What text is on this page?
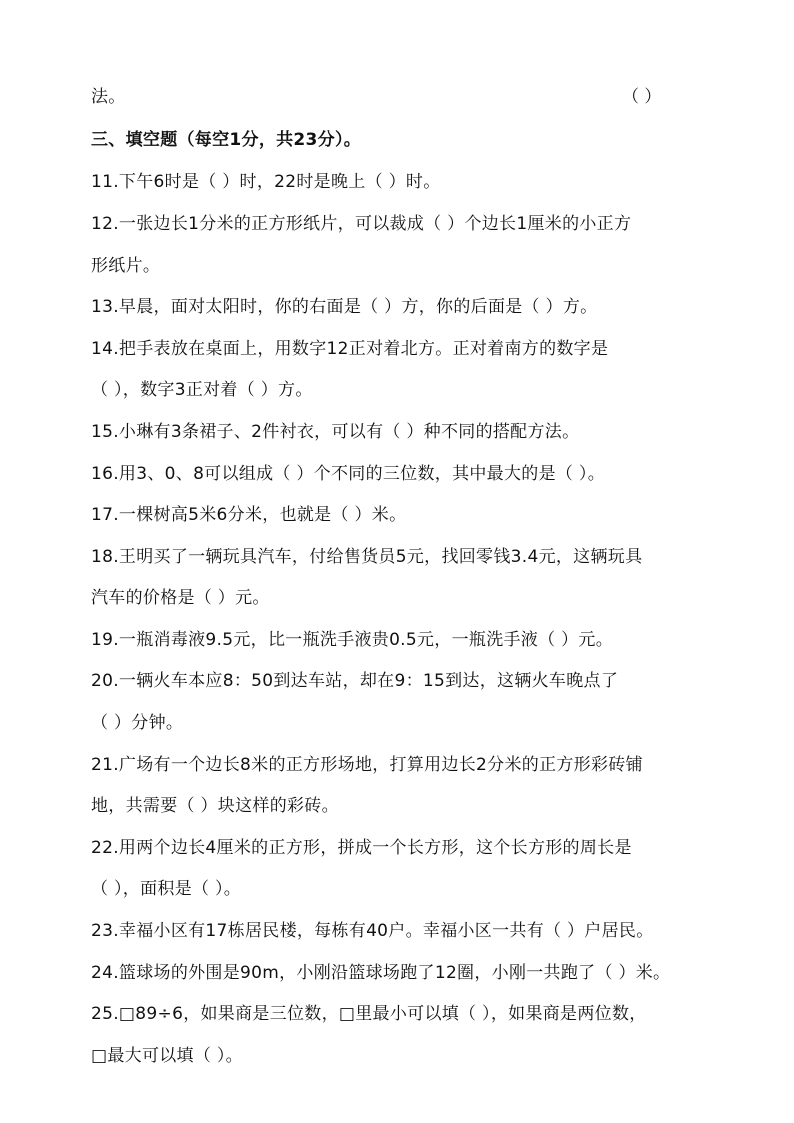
法。	（ ）
三、填空题（每空1分，共23分）。
11.下午6时是（ ）时，22时是晚上（ ）时。
12.一张边长1分米的正方形纸片，可以裁成（ ）个边长1厘米的小正方
形纸片。
13.早晨，面对太阳时，你的右面是（ ）方，你的后面是（ ）方。
14.把手表放在桌面上，用数字12正对着北方。正对着南方的数字是
（ ），数字3正对着（ ）方。
15.小琳有3条裙子、2件衬衣，可以有（ ）种不同的搭配方法。
16.用3、0、8可以组成（ ）个不同的三位数，其中最大的是（ ）。
17.一棵树高5米6分米，也就是（ ）米。
18.王明买了一辆玩具汽车，付给售货员5元，找回零钱3.4元，这辆玩具
汽车的价格是（ ）元。
19.一瓶消毒液9.5元，比一瓶洗手液贵0.5元，一瓶洗手液（ ）元。
20.一辆火车本应8：50到达车站，却在9：15到达，这辆火车晚点了
（ ）分钟。
21.广场有一个边长8米的正方形场地，打算用边长2分米的正方形彩砖铺
地，共需要（ ）块这样的彩砖。
22.用两个边长4厘米的正方形，拼成一个长方形，这个长方形的周长是
（ ），面积是（ ）。
23.幸福小区有17栋居民楼，每栋有40户。幸福小区一共有（ ）户居民。
24.篮球场的外围是90m，小刚沿篮球场跑了12圈，小刚一共跑了（ ）米。
25.□89÷6，如果商是三位数，□里最小可以填（ ），如果商是两位数，
□最大可以填（ ）。
